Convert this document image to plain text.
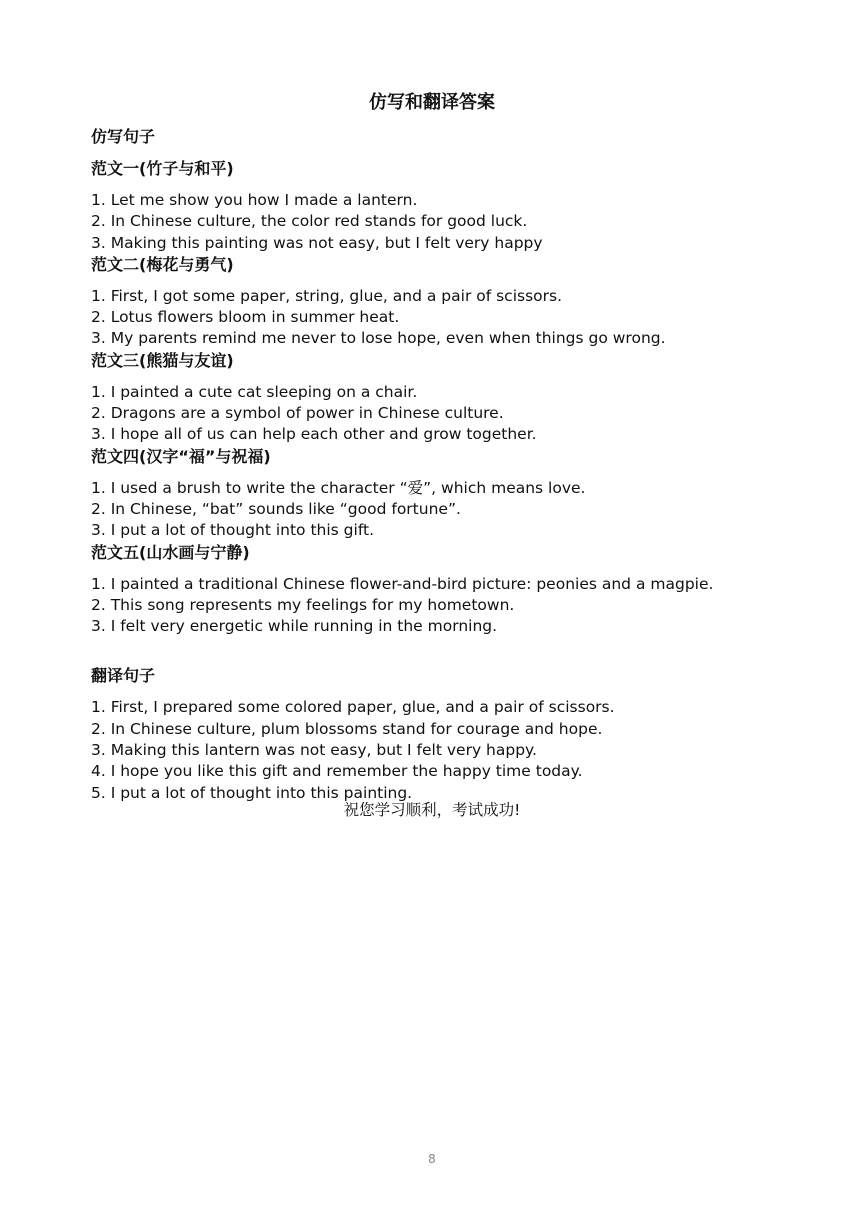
仿写和翻译答案
仿写句子
范文一(竹子与和平)
1. Let me show you how I made a lantern.
2. In Chinese culture, the color red stands for good luck.
3. Making this painting was not easy, but I felt very happy
范文二(梅花与勇气)
1. First, I got some paper, string, glue, and a pair of scissors.
2. Lotus flowers bloom in summer heat.
3. My parents remind me never to lose hope, even when things go wrong.
范文三(熊猫与友谊)
1. I painted a cute cat sleeping on a chair.
2. Dragons are a symbol of power in Chinese culture.
3. I hope all of us can help each other and grow together.
范文四(汉字“福”与祝福)
1. I used a brush to write the character “爱”, which means love.
2. In Chinese, “bat” sounds like “good fortune”.
3. I put a lot of thought into this gift.
范文五(山水画与宁静)
1. I painted a traditional Chinese flower-and-bird picture: peonies and a magpie.
2. This song represents my feelings for my hometown.
3. I felt very energetic while running in the morning.
翻译句子
1. First, I prepared some colored paper, glue, and a pair of scissors.
2. In Chinese culture, plum blossoms stand for courage and hope.
3. Making this lantern was not easy, but I felt very happy.
4. I hope you like this gift and remember the happy time today.
5. I put a lot of thought into this painting.
祝您学习顺利，考试成功!
8
